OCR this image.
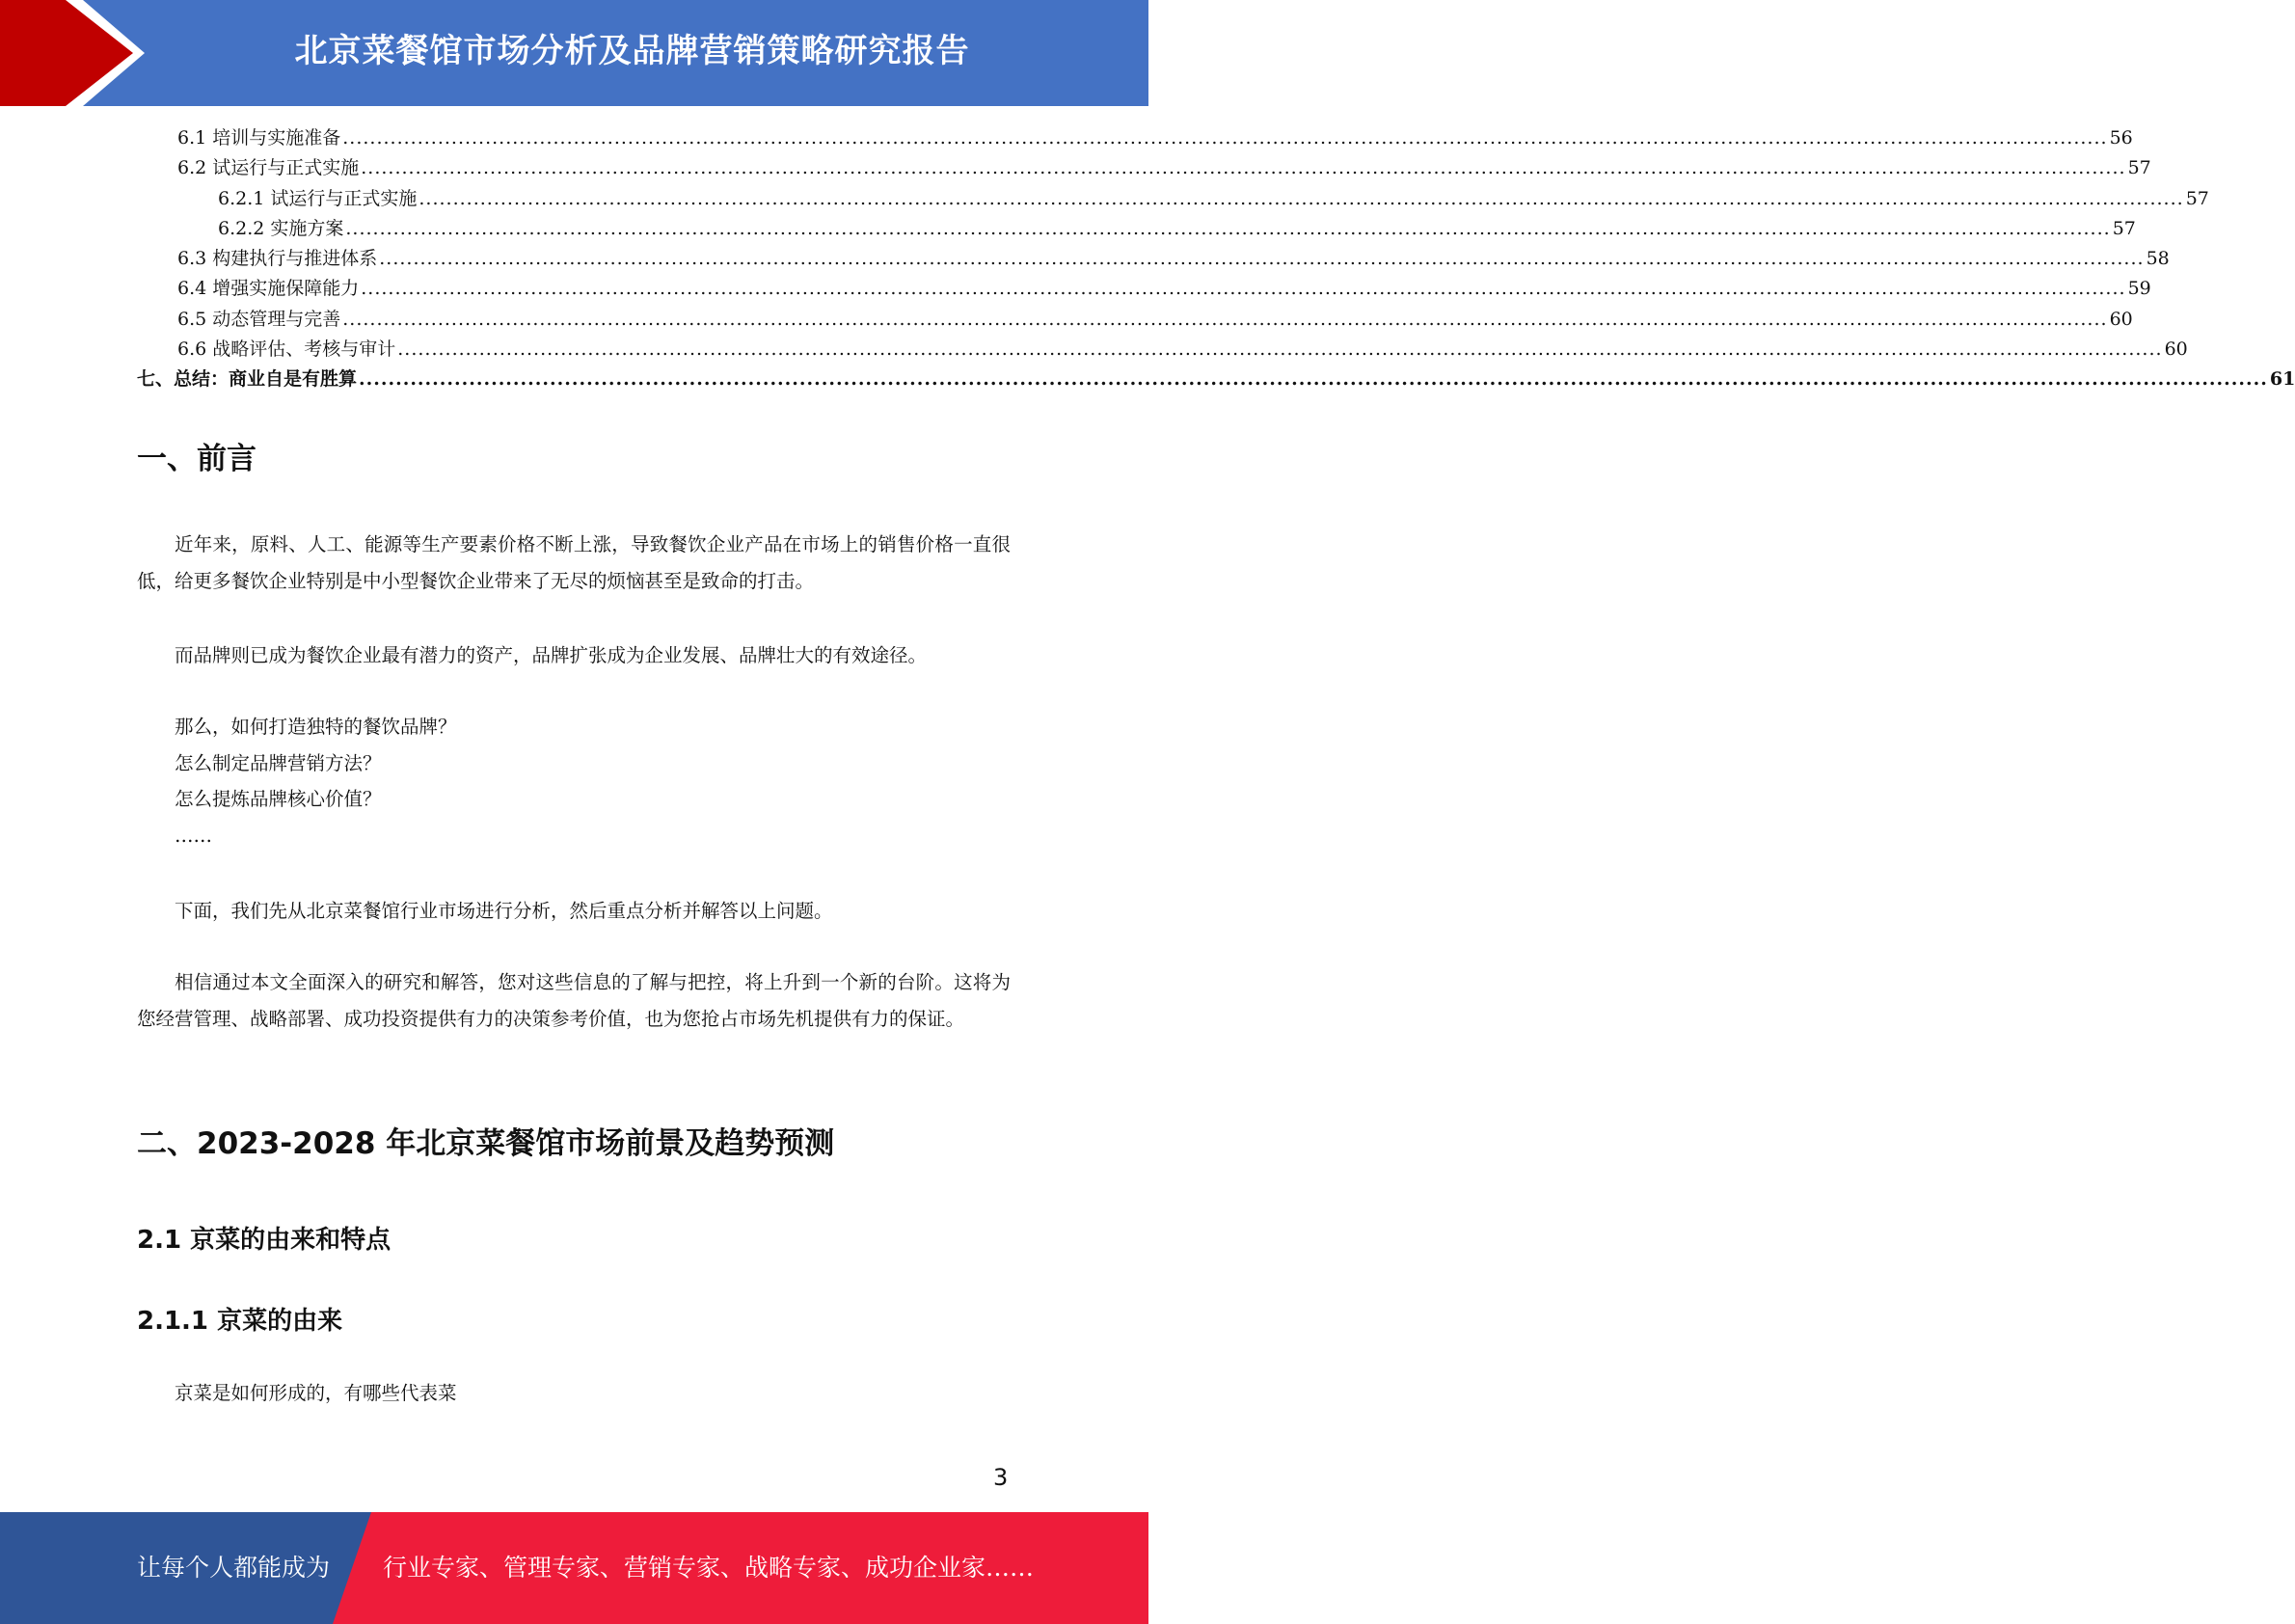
北京菜餐馆市场分析及品牌营销策略研究报告
6.1 培训与实施准备 .................................................................................................................................................................................................................................................................... 56
6.2 试运行与正式实施 .................................................................................................................................................................................................................................................................... 57
6.2.1 试运行与正式实施 .................................................................................................................................................................................................................................................................... 57
6.2.2 实施方案 .................................................................................................................................................................................................................................................................... 57
6.3 构建执行与推进体系 .................................................................................................................................................................................................................................................................... 58
6.4 增强实施保障能力 .................................................................................................................................................................................................................................................................... 59
6.5 动态管理与完善 .................................................................................................................................................................................................................................................................... 60
6.6 战略评估、考核与审计 .................................................................................................................................................................................................................................................................... 60
七、总结：商业自是有胜算 .................................................................................................................................................................................................................................................................... 61
一、前言
近年来，原料、人工、能源等生产要素价格不断上涨，导致餐饮企业产品在市场上的销售价格一直很低，给更多餐饮企业特别是中小型餐饮企业带来了无尽的烦恼甚至是致命的打击。
而品牌则已成为餐饮企业最有潜力的资产，品牌扩张成为企业发展、品牌壮大的有效途径。
那么，如何打造独特的餐饮品牌？
怎么制定品牌营销方法？
怎么提炼品牌核心价值？
……
下面，我们先从北京菜餐馆行业市场进行分析，然后重点分析并解答以上问题。
相信通过本文全面深入的研究和解答，您对这些信息的了解与把控，将上升到一个新的台阶。这将为您经营管理、战略部署、成功投资提供有力的决策参考价值，也为您抢占市场先机提供有力的保证。
二、2023-2028 年北京菜餐馆市场前景及趋势预测
2.1 京菜的由来和特点
2.1.1 京菜的由来
京菜是如何形成的，有哪些代表菜
3
让每个人都能成为 行业专家、管理专家、营销专家、战略专家、成功企业家……
